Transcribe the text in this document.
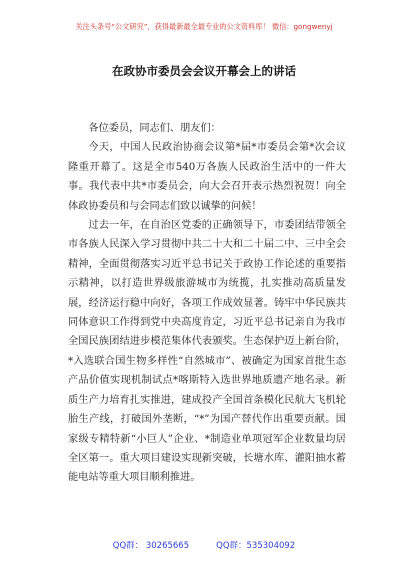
关注头条号“公文研究”，获得最新最全最专业的公文资料库！ 微信：gongwenyj
在政协市委员会会议开幕会上的讲话

各位委员，同志们、朋友们：

今天，中国人民政治协商会议第*届*市委员会第*次会议隆重开幕了。这是全市540万各族人民政治生活中的一件大事。我代表中共*市委员会，向大会召开表示热烈祝贺！向全体政协委员和与会同志们致以诚挚的问候！

过去一年，在自治区党委的正确领导下，市委团结带领全市各族人民深入学习贯彻中共二十大和二十届二中、三中全会精神，全面贯彻落实习近平总书记关于政协工作论述的重要指示精神，以打造世界级旅游城市为统揽，扎实推动高质量发展，经济运行稳中向好，各项工作成效显著。铸牢中华民族共同体意识工作得到党中央高度肯定，习近平总书记亲自为我市全国民族团结进步模范集体代表颁奖。生态保护迈上新台阶，*入选联合国生物多样性“自然城市”、被确定为国家首批生态产品价值实现机制试点*喀斯特入选世界地质遗产地名录。新质生产力培育扎实推进，建成投产全国首条模化民航大飞机轮胎生产线，打破国外垄断，“*”为国产替代作出重要贡献。国家级专精特新“小巨人”企业、*制造业单项冠军企业数量均居全区第一。重大项目建设实现新突破，长塘水库、灌阳抽水蓄能电站等重大项目顺利推进。

QQ群： 30265665          QQ群：535304092
